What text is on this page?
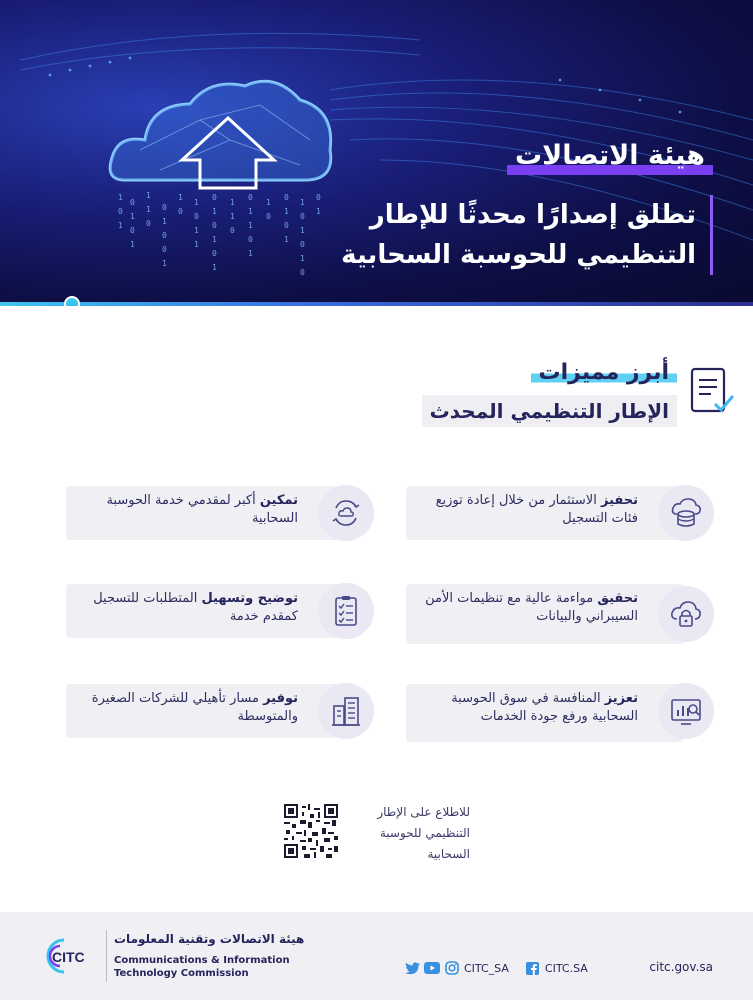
1
0
1
0
1
0
1
1
1
0
0
1
0
0
1
1
0
1
0
1
1
0
1
0
1
0
1
1
1
0
0
1
1
0
1
1
0
0
1
0
1
1
0
1
0
1
0
0
1
هيئة الاتصالات
تطلق إصدارًا محدثًا للإطار
التنظيمي للحوسبة السحابية
أبرز مميزات
الإطار التنظيمي المحدث
تحفيز الاستثمار من خلال إعادة توزيع فئات التسجيل
تحقيق مواءمة عالية مع تنظيمات الأمن السيبراني والبيانات
تعزيز المنافسة في سوق الحوسبة السحابية ورفع جودة الخدمات
تمكين أكبر لمقدمي خدمة الحوسبة السحابية
توضيح وتسهيل المتطلبات للتسجيل كمقدم خدمة
توفير مسار تأهيلي للشركات الصغيرة والمتوسطة
للاطلاع على الإطار
التنظيمي للحوسبة
السحابية
CITC
هيئة الاتصالات وتقنية المعلومات
Communications & Information
Technology Commission	CITC_SA	CITC.SA	citc.gov.sa
